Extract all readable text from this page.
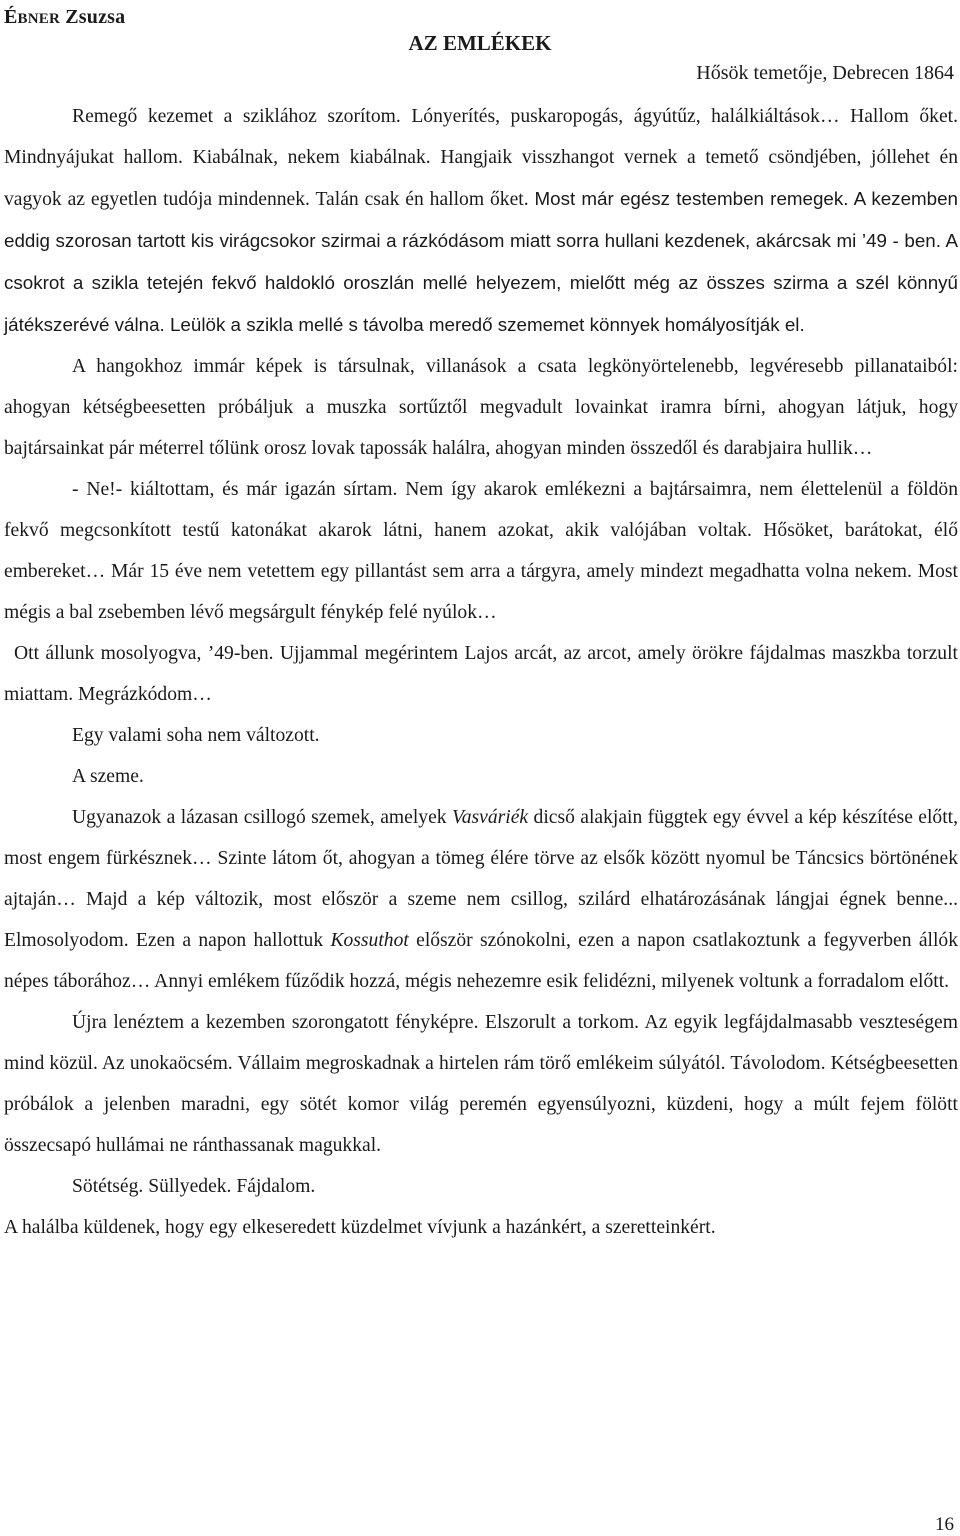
ÉBNER Zsuzsa
AZ EMLÉKEK
Hősök temetője, Debrecen 1864

Remegő kezemet a sziklához szorítom. Lónyerítés, puskaropogás, ágyútűz, halálkiáltások… Hallom őket. Mindnyájukat hallom. Kiabálnak, nekem kiabálnak. Hangjaik visszhangot vernek a temető csöndjében, jóllehet én vagyok az egyetlen tudója mindennek. Talán csak én hallom őket. Most már egész testemben remegek. A kezemben eddig szorosan tartott kis virágcsokor szirmai a rázkódásom miatt sorra hullani kezdenek, akárcsak mi ’49 - ben. A csokrot a szikla tetején fekvő haldokló oroszlán mellé helyezem, mielőtt még az összes szirma a szél könnyű játékszerévé válna. Leülök a szikla mellé s távolba meredő szememet könnyek homályosítják el.

A hangokhoz immár képek is társulnak, villanások a csata legkönyörtelenebb, legvéresebb pillanataiból: ahogyan kétségbeesetten próbáljuk a muszka sortűztől megvadult lovainkat iramra bírni, ahogyan látjuk, hogy bajtársainkat pár méterrel tőlünk orosz lovak tapossák halálra, ahogyan minden összedől és darabjaira hullik…

- Ne!- kiáltottam, és már igazán sírtam. Nem így akarok emlékezni a bajtársaimra, nem élettelenül a földön fekvő megcsonkított testű katonákat akarok látni, hanem azokat, akik valójában voltak. Hősöket, barátokat, élő embereket… Már 15 éve nem vetettem egy pillantást sem arra a tárgyra, amely mindezt megadhatta volna nekem. Most mégis a bal zsebemben lévő megsárgult fénykép felé nyúlok…

Ott állunk mosolyogva, ’49-ben. Ujjammal megérintem Lajos arcát, az arcot, amely örökre fájdalmas maszkba torzult miattam. Megrázkódom…

Egy valami soha nem változott.

A szeme.

Ugyanazok a lázasan csillogó szemek, amelyek Vasváriék dicső alakjain függtek egy évvel a kép készítése előtt, most engem fürkésznek… Szinte látom őt, ahogyan a tömeg élére törve az elsők között nyomul be Táncsics börtönének ajtaján… Majd a kép változik, most először a szeme nem csillog, szilárd elhatározásának lángjai égnek benne... Elmosolyodom. Ezen a napon hallottuk Kossuthot először szónokolni, ezen a napon csatlakoztunk a fegyverben állók népes táborához… Annyi emlékem fűződik hozzá, mégis nehezemre esik felidézni, milyenek voltunk a forradalom előtt.

Újra lenéztem a kezemben szorongatott fényképre. Elszorult a torkom. Az egyik legfájdalmasabb veszteségem mind közül. Az unokaöcsém. Vállaim megroskadnak a hirtelen rám törő emlékeim súlyától. Távolodom. Kétségbeesetten próbálok a jelenben maradni, egy sötét komor világ peremén egyensúlyozni, küzdeni, hogy a múlt fejem fölött összecsapó hullámai ne ránthassanak magukkal.

Sötétség. Süllyedek. Fájdalom.

A halálba küldenek, hogy egy elkeseredett küzdelmet vívjunk a hazánkért, a szeretteinkért.

16
